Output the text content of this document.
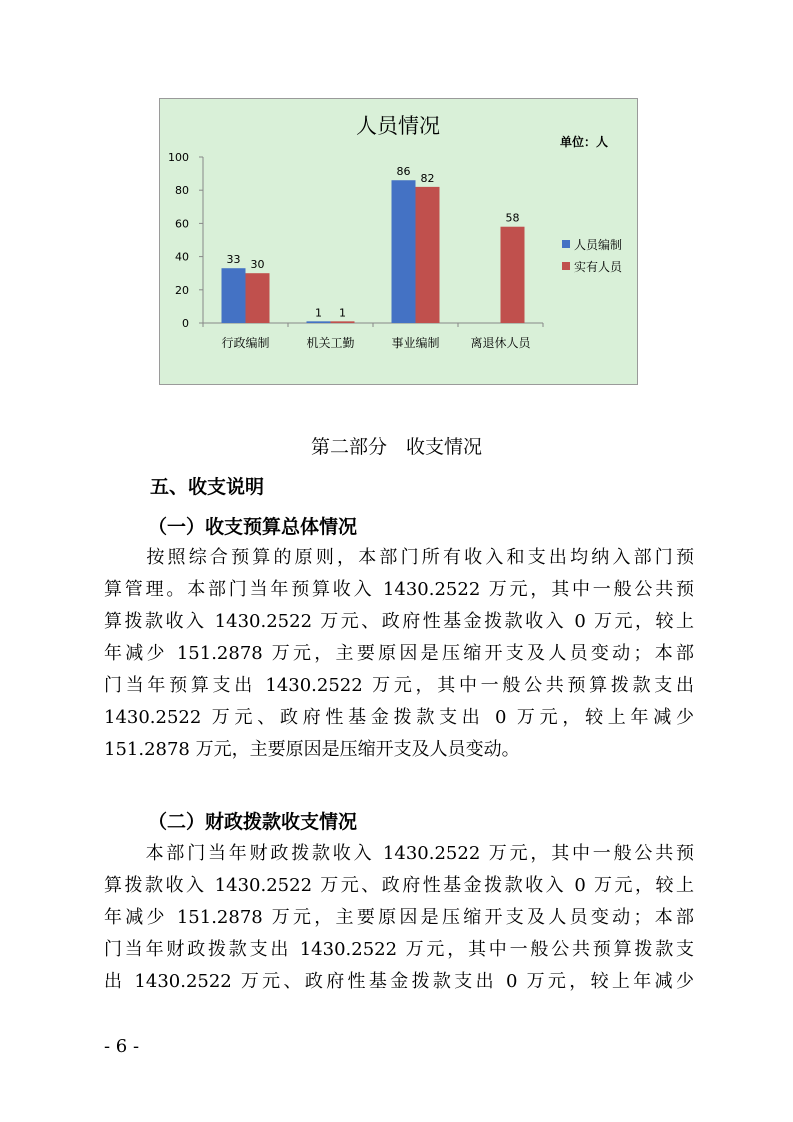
人员情况
单位：人
0
20
40
60
80
100
33 30
行政编制
1 1
机关工勤
86
82
事业编制
58
离退休人员
人员编制
实有人员
第二部分　收支情况
五、收支说明
（一）收支预算总体情况
　　按照综合预算的原则，本部门所有收入和支出均纳入部门预
算管理。本部门当年预算收入 1430.2522 万元，其中一般公共预
算拨款收入 1430.2522 万元、政府性基金拨款收入 0 万元，较上
年减少 151.2878 万元，主要原因是压缩开支及人员变动；本部
门当年预算支出 1430.2522 万元，其中一般公共预算拨款支出
1430.2522 万元、政府性基金拨款支出 0 万元，较上年减少
151.2878 万元，主要原因是压缩开支及人员变动。
（二）财政拨款收支情况
　　本部门当年财政拨款收入 1430.2522 万元，其中一般公共预
算拨款收入 1430.2522 万元、政府性基金拨款收入 0 万元，较上
年减少 151.2878 万元，主要原因是压缩开支及人员变动；本部
门当年财政拨款支出 1430.2522 万元，其中一般公共预算拨款支
出 1430.2522 万元、政府性基金拨款支出 0 万元，较上年减少
- 6 -
